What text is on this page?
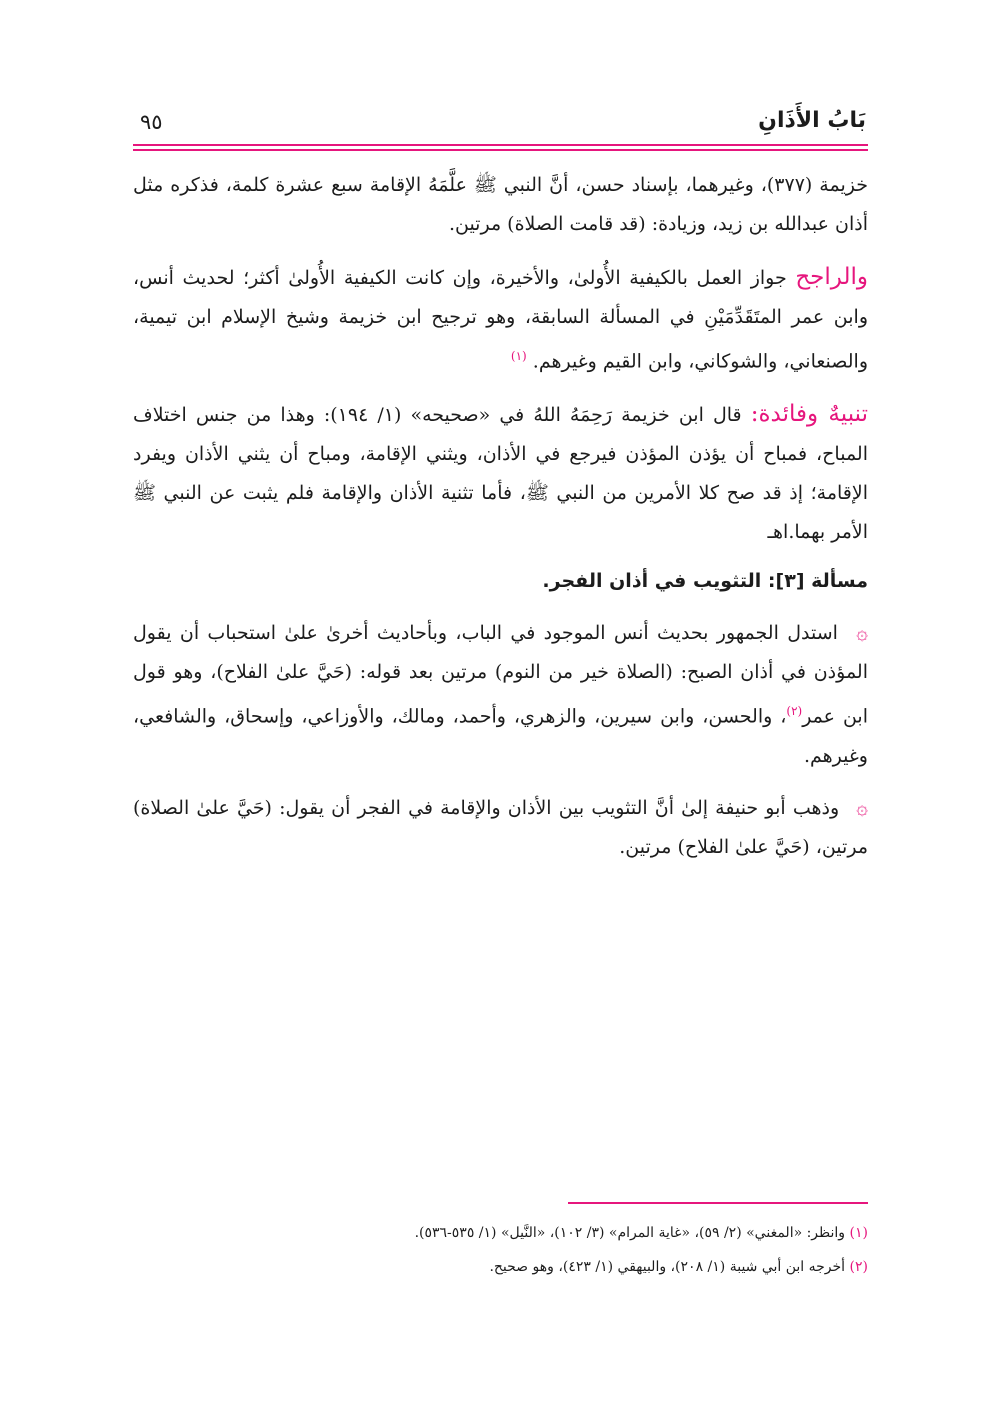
بَابُ الأَذَانِ
٩٥

خزيمة (٣٧٧)، وغيرهما، بإسناد حسن، أنَّ النبي ﷺ علَّمَهُ الإقامة سبع عشرة كلمة، فذكره مثل أذان عبدالله بن زيد، وزيادة: (قد قامت الصلاة) مرتين.

والراجح جواز العمل بالكيفية الأُولىٰ، والأخيرة، وإن كانت الكيفية الأُولىٰ أكثر؛ لحديث أنس، وابن عمر المتَقَدِّمَيْنِ في المسألة السابقة، وهو ترجيح ابن خزيمة وشيخ الإسلام ابن تيمية، والصنعاني، والشوكاني، وابن القيم وغيرهم. $^{(١)}$

تنبيهٌ وفائدة: قال ابن خزيمة رَحِمَهُ اللهُ في «صحيحه» (١/ ١٩٤): وهذا من جنس اختلاف المباح، فمباح أن يؤذن المؤذن فيرجع في الأذان، ويثني الإقامة، ومباح أن يثني الأذان ويفرد الإقامة؛ إذ قد صح كلا الأمرين من النبي ﷺ، فأما تثنية الأذان والإقامة فلم يثبت عن النبي ﷺ الأمر بهما.اهـ

مسألة [٣]: التثويب في أذان الفجر.

۞ استدل الجمهور بحديث أنس الموجود في الباب، وبأحاديث أخرىٰ علىٰ استحباب أن يقول المؤذن في أذان الصبح: (الصلاة خير من النوم) مرتين بعد قوله: (حَيَّ علىٰ الفلاح)، وهو قول ابن عمر$^{(٢)}$، والحسن، وابن سيرين، والزهري، وأحمد، ومالك، والأوزاعي، وإسحاق، والشافعي، وغيرهم.

۞ وذهب أبو حنيفة إلىٰ أنَّ التثويب بين الأذان والإقامة في الفجر أن يقول: (حَيَّ علىٰ الصلاة) مرتين، (حَيَّ علىٰ الفلاح) مرتين.

(١) وانظر: «المغني» (٢/ ٥٩)، «غاية المرام» (٣/ ١٠٢)، «النَّيل» (١/ ٥٣٥-٥٣٦).
(٢) أخرجه ابن أبي شيبة (١/ ٢٠٨)، والبيهقي (١/ ٤٢٣)، وهو صحيح.
